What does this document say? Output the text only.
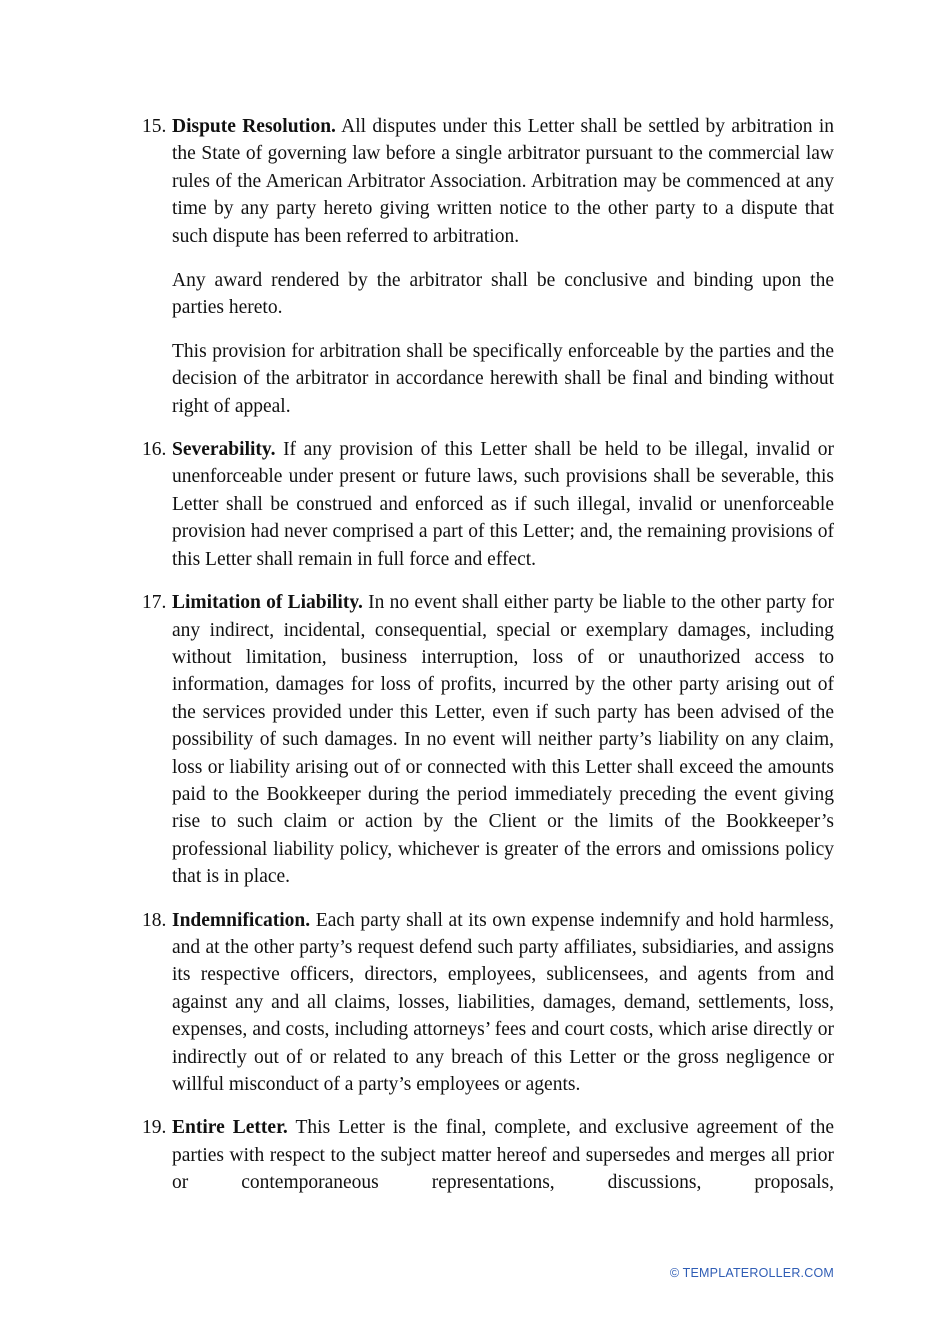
15. Dispute Resolution. All disputes under this Letter shall be settled by arbitration in the State of governing law before a single arbitrator pursuant to the commercial law rules of the American Arbitrator Association. Arbitration may be commenced at any time by any party hereto giving written notice to the other party to a dispute that such dispute has been referred to arbitration.

Any award rendered by the arbitrator shall be conclusive and binding upon the parties hereto.

This provision for arbitration shall be specifically enforceable by the parties and the decision of the arbitrator in accordance herewith shall be final and binding without right of appeal.

16. Severability. If any provision of this Letter shall be held to be illegal, invalid or unenforceable under present or future laws, such provisions shall be severable, this Letter shall be construed and enforced as if such illegal, invalid or unenforceable provision had never comprised a part of this Letter; and, the remaining provisions of this Letter shall remain in full force and effect.

17. Limitation of Liability. In no event shall either party be liable to the other party for any indirect, incidental, consequential, special or exemplary damages, including without limitation, business interruption, loss of or unauthorized access to information, damages for loss of profits, incurred by the other party arising out of the services provided under this Letter, even if such party has been advised of the possibility of such damages. In no event will neither party’s liability on any claim, loss or liability arising out of or connected with this Letter shall exceed the amounts paid to the Bookkeeper during the period immediately preceding the event giving rise to such claim or action by the Client or the limits of the Bookkeeper’s professional liability policy, whichever is greater of the errors and omissions policy that is in place.

18. Indemnification. Each party shall at its own expense indemnify and hold harmless, and at the other party’s request defend such party affiliates, subsidiaries, and assigns its respective officers, directors, employees, sublicensees, and agents from and against any and all claims, losses, liabilities, damages, demand, settlements, loss, expenses, and costs, including attorneys’ fees and court costs, which arise directly or indirectly out of or related to any breach of this Letter or the gross negligence or willful misconduct of a party’s employees or agents.

19. Entire Letter. This Letter is the final, complete, and exclusive agreement of the parties with respect to the subject matter hereof and supersedes and merges all prior or contemporaneous representations, discussions, proposals,

© TEMPLATEROLLER.COM
